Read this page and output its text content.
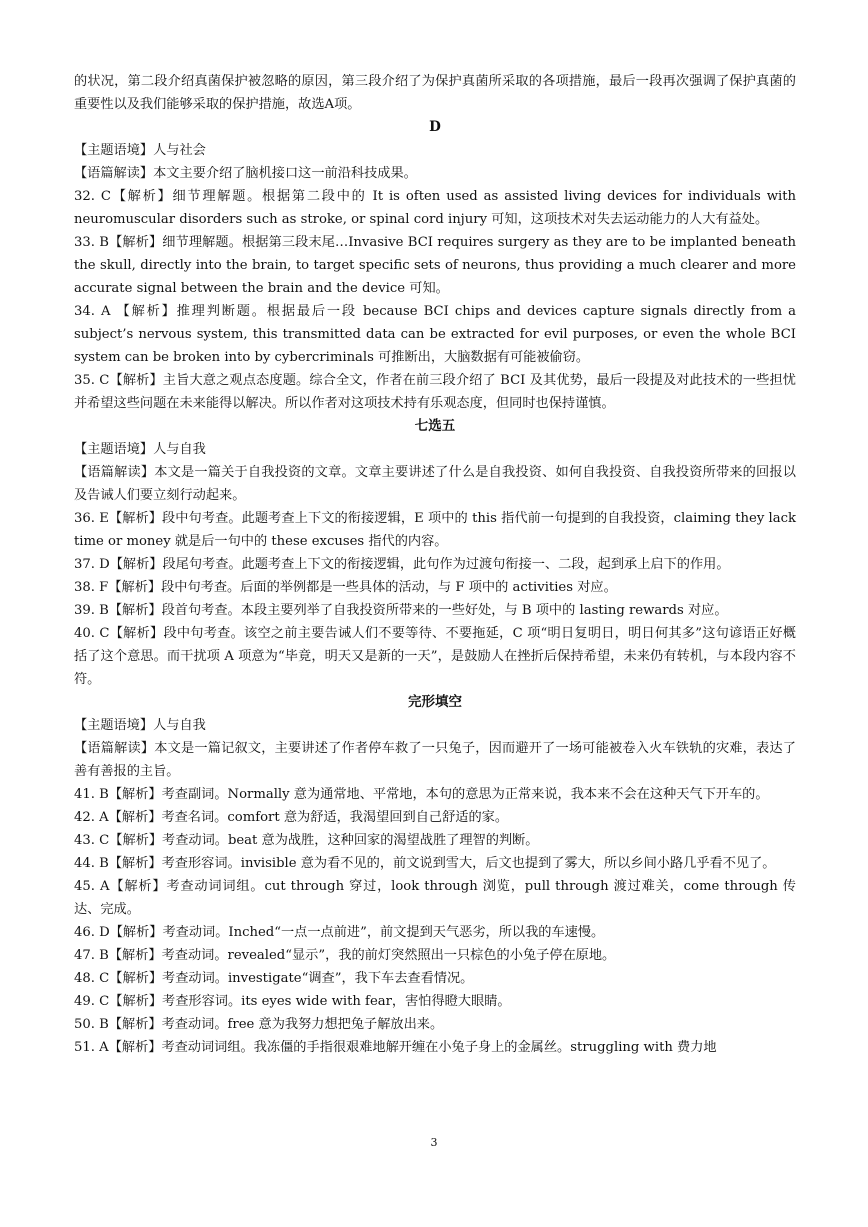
的状况，第二段介绍真菌保护被忽略的原因，第三段介绍了为保护真菌所采取的各项措施，最后一段再次强调了保护真菌的重要性以及我们能够采取的保护措施，故选A项。

D

【主题语境】人与社会

【语篇解读】本文主要介绍了脑机接口这一前沿科技成果。

32. C【解析】细节理解题。根据第二段中的 It is often used as assisted living devices for individuals with neuromuscular disorders such as stroke, or spinal cord injury 可知，这项技术对失去运动能力的人大有益处。

33. B【解析】细节理解题。根据第三段末尾…Invasive BCI requires surgery as they are to be implanted beneath the skull, directly into the brain, to target specific sets of neurons, thus providing a much clearer and more accurate signal between the brain and the device 可知。

34. A 【解析】推理判断题。根据最后一段 because BCI chips and devices capture signals directly from a subject’s nervous system, this transmitted data can be extracted for evil purposes, or even the whole BCI system can be broken into by cybercriminals 可推断出，大脑数据有可能被偷窃。

35. C【解析】主旨大意之观点态度题。综合全文，作者在前三段介绍了 BCI 及其优势，最后一段提及对此技术的一些担忧并希望这些问题在未来能得以解决。所以作者对这项技术持有乐观态度，但同时也保持谨慎。

七选五

【主题语境】人与自我

【语篇解读】本文是一篇关于自我投资的文章。文章主要讲述了什么是自我投资、如何自我投资、自我投资所带来的回报以及告诫人们要立刻行动起来。

36. E【解析】段中句考查。此题考查上下文的衔接逻辑，E 项中的 this 指代前一句提到的自我投资，claiming they lack time or money 就是后一句中的 these excuses 指代的内容。

37. D【解析】段尾句考查。此题考查上下文的衔接逻辑，此句作为过渡句衔接一、二段，起到承上启下的作用。

38. F【解析】段中句考查。后面的举例都是一些具体的活动，与 F 项中的 activities 对应。

39. B【解析】段首句考查。本段主要列举了自我投资所带来的一些好处，与 B 项中的 lasting rewards 对应。

40. C【解析】段中句考查。该空之前主要告诫人们不要等待、不要拖延，C 项“明日复明日，明日何其多”这句谚语正好概括了这个意思。而干扰项 A 项意为“毕竟，明天又是新的一天”，是鼓励人在挫折后保持希望，未来仍有转机，与本段内容不符。

完形填空

【主题语境】人与自我

【语篇解读】本文是一篇记叙文，主要讲述了作者停车救了一只兔子，因而避开了一场可能被卷入火车铁轨的灾难，表达了善有善报的主旨。

41. B【解析】考查副词。Normally 意为通常地、平常地，本句的意思为正常来说，我本来不会在这种天气下开车的。

42. A【解析】考查名词。comfort 意为舒适，我渴望回到自己舒适的家。

43. C【解析】考查动词。beat 意为战胜，这种回家的渴望战胜了理智的判断。

44. B【解析】考查形容词。invisible 意为看不见的，前文说到雪大，后文也提到了雾大，所以乡间小路几乎看不见了。

45. A【解析】考查动词词组。cut through 穿过，look through 浏览，pull through 渡过难关，come through 传达、完成。

46. D【解析】考查动词。Inched“一点一点前进”，前文提到天气恶劣，所以我的车速慢。

47. B【解析】考查动词。revealed“显示”，我的前灯突然照出一只棕色的小兔子停在原地。

48. C【解析】考查动词。investigate“调查”，我下车去查看情况。

49. C【解析】考查形容词。its eyes wide with fear，害怕得瞪大眼睛。

50. B【解析】考查动词。free 意为我努力想把兔子解放出来。

51. A【解析】考查动词词组。我冻僵的手指很艰难地解开缠在小兔子身上的金属丝。struggling with 费力地

3
